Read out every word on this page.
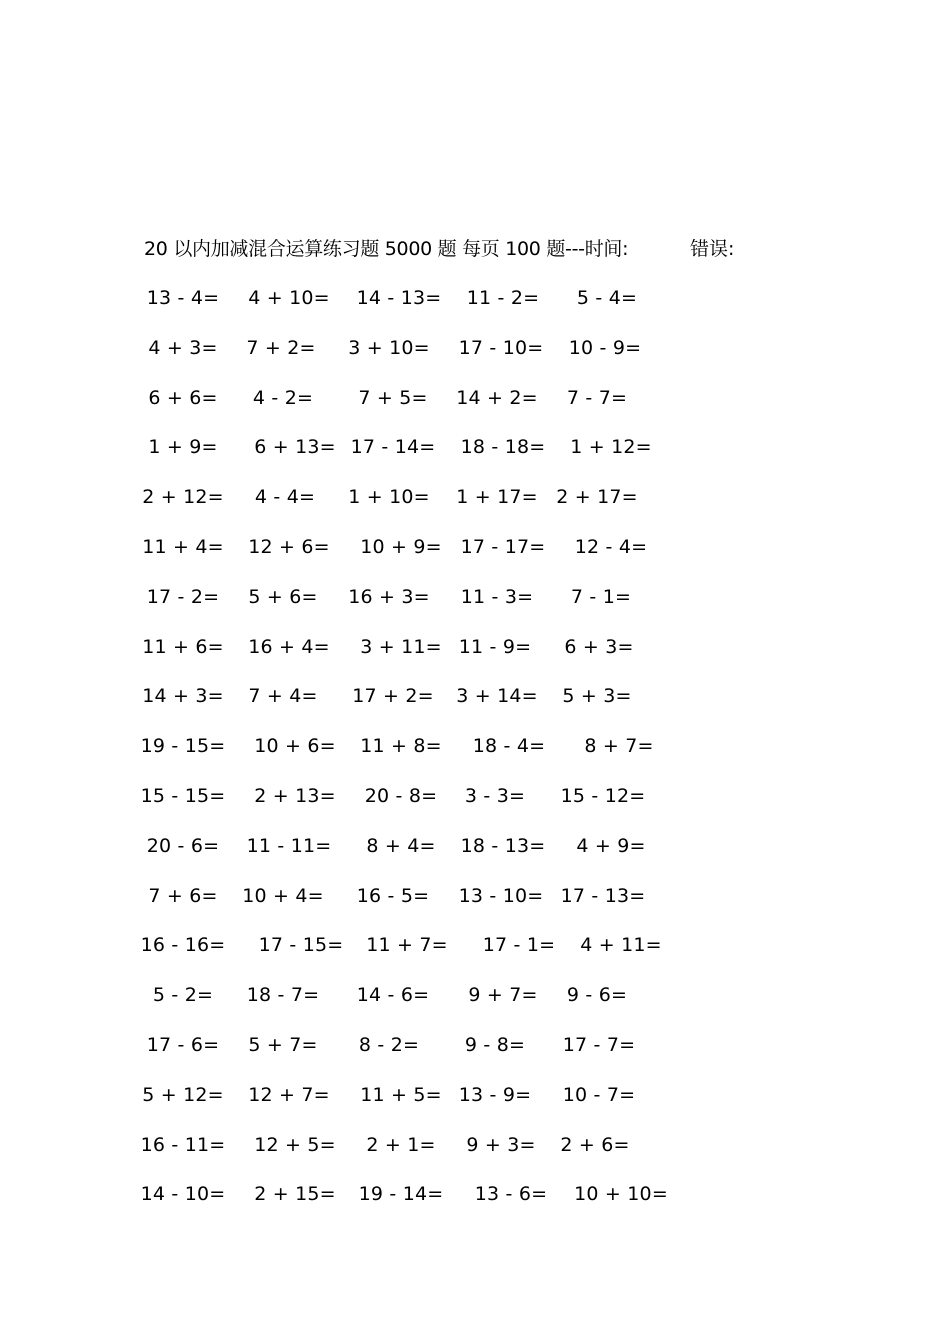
20 以内加减混合运算练习题 5000 题 每页 100 题---时间:	错误:
13 - 4=	4 + 10=	14 - 13=	11 - 2=	5 - 4=
4 + 3=	7 + 2=	3 + 10=	17 - 10=	10 - 9=
6 + 6=	4 - 2=	7 + 5=	14 + 2=	7 - 7=
1 + 9=	6 + 13= 17 - 14=	18 - 18=	1 + 12=
2 + 12=	4 - 4=	1 + 10=	1 + 17= 2 + 17=
11 + 4=	12 + 6=	10 + 9= 17 - 17=	12 - 4=
17 - 2=	5 + 6=	16 + 3=	11 - 3=	7 - 1=
11 + 6=	16 + 4=	3 + 11= 11 - 9=	6 + 3=
14 + 3=	7 + 4=	17 + 2=	3 + 14=	5 + 3=
19 - 15=	10 + 6=	11 + 8=	18 - 4=	8 + 7=
15 - 15=	2 + 13=	20 - 8=	3 - 3=	15 - 12=
20 - 6=	11 - 11=	8 + 4=	18 - 13=	4 + 9=
7 + 6=	10 + 4=	16 - 5=	13 - 10= 17 - 13=
16 - 16=	17 - 15=	11 + 7=	17 - 1=	4 + 11=
5 - 2=	18 - 7=	14 - 6=	9 + 7=	9 - 6=
17 - 6=	5 + 7=	8 - 2=	9 - 8=	17 - 7=
5 + 12=	12 + 7=	11 + 5= 13 - 9=	10 - 7=
16 - 11=	12 + 5=	2 + 1=	9 + 3=	2 + 6=
14 - 10=	2 + 15=	19 - 14=	13 - 6=	10 + 10=
